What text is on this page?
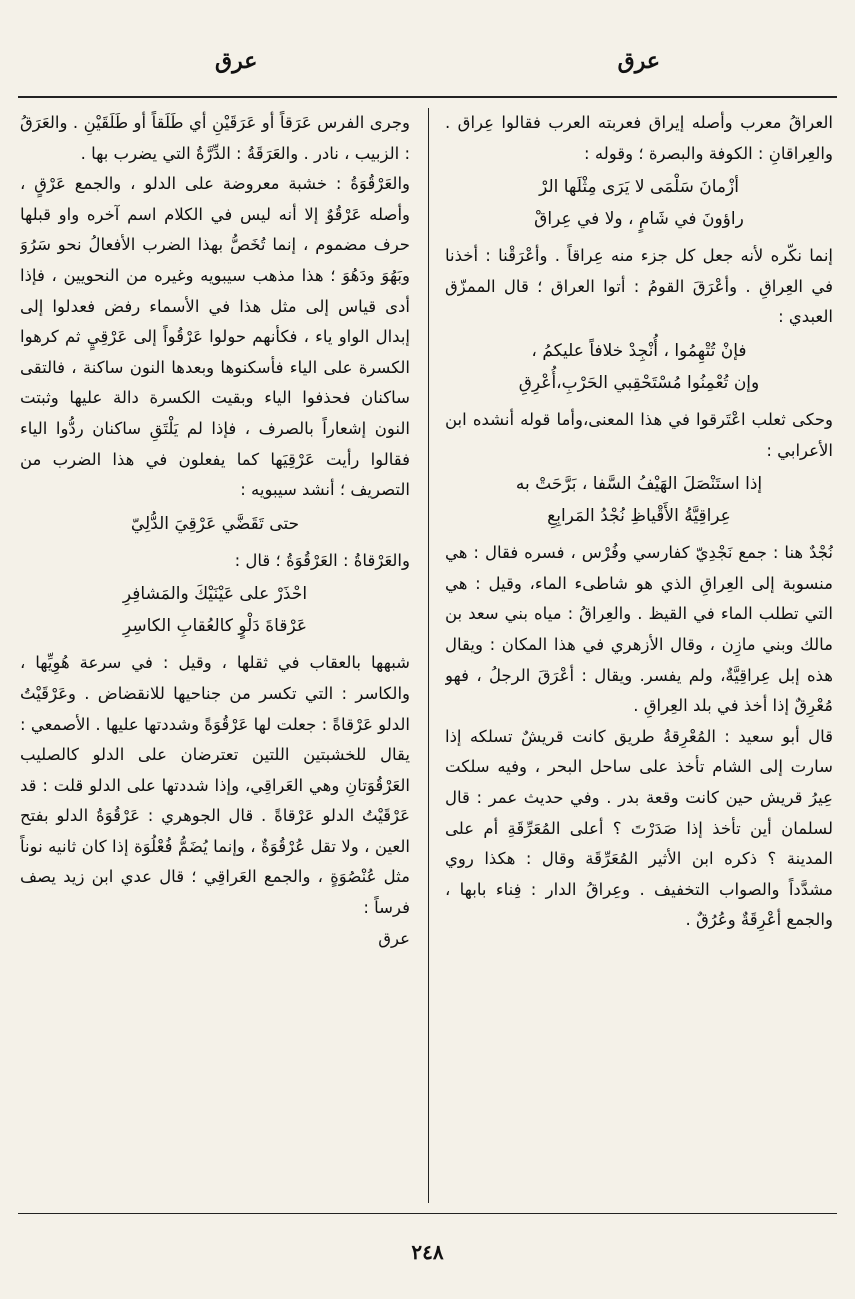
عرق
عرق

العراقُ معرب وأصله إيراق فعربته العرب فقالوا عِراق . والعِراقانِ : الكوفة والبصرة ؛ وقوله :

أزْمانَ سَلْمَى لا يَرَى مِثْلَها الرْ
راؤونَ في شَامٍ ، ولا في عِراقْ

إنما نكّره لأنه جعل كل جزء منه عِراقاً . وأعْرَقْنا : أخذنا في العِراقِ . وأعْرَقَ القومُ : أتوا العراق ؛ قال الممزّق العبدي :

فإنْ تُتْهِمُوا ، أُنْجِدْ خلافاً عليكمُ ،
وإن تُعْمِنُوا مُسْتَحْقِبي الحَرْبِ،أُعْرِقِ

وحكى ثعلب اعْتَرقوا في هذا المعنى،وأما قوله أنشده ابن الأعرابي :

إذا استَنْصَلَ الهَيْفُ السَّفا ، بَرَّحَتْ به
عِراقِيَّةُ الأَقْياظِ نُجْدُ المَرابِعِ

نُجْدٌ هنا : جمع نَجْدِيّ كفارسي وفُرْس ، فسره فقال : هي منسوبة إلى العِراقِ الذي هو شاطىء الماء، وقيل : هي التي تطلب الماء في القيظ . والعِراقُ : مياه بني سعد بن مالك وبني مازِن ، وقال الأزهري في هذا المكان : ويقال هذه إبل عِراقِيَّةٌ، ولم يفسر. ويقال : أعْرَقَ الرجلُ ، فهو مُعْرِقٌ إذا أخذ في بلد العِراقِ .

قال أبو سعيد : المُعْرِقةُ طريق كانت قريشٌ تسلكه إذا سارت إلى الشام تأخذ على ساحل البحر ، وفيه سلكت عِيرُ قريش حين كانت وقعة بدر . وفي حديث عمر : قال لسلمان أين تأخذ إذا صَدَرْتَ ؟ أعلى المُعَرِّقَةِ أم على المدينة ؟ ذكره ابن الأثير المُعَرِّقَة وقال : هكذا روي مشدَّداً والصواب التخفيف . وعِراقُ الدار : فِناء بابها ، والجمع أعْرِقَةٌ وعُرُقٌ .

وجرى الفرس عَرَقاً أو عَرَقَيْنِ أي طَلَقاً أو طَلَقَيْنِ . والعَرَقُ : الزبيب ، نادر . والعَرَقَةُ : الدِّرَّةُ التي يضرب بها .

والعَرْقُوَةُ : خشبة معروضة على الدلو ، والجمع عَرْقٍ ، وأصله عَرْقُوٌ إلا أنه ليس في الكلام اسم آخره واو قبلها حرف مضموم ، إنما تُخَصُّ بهذا الضرب الأفعالُ نحو سَرُوَ وبَهُوَ ودَهُوَ ؛ هذا مذهب سيبويه وغيره من النحويين ، فإذا أدى قياس إلى مثل هذا في الأسماء رفض فعدلوا إلى إبدال الواو ياء ، فكأنهم حولوا عَرْقُواً إلى عَرْقِيٍ ثم كرهوا الكسرة على الياء فأسكنوها وبعدها النون ساكنة ، فالتقى ساكنان فحذفوا الياء وبقيت الكسرة دالة عليها وثبتت النون إشعاراً بالصرف ، فإذا لم يَلْتَقِ ساكنان ردُّوا الياء فقالوا رأيت عَرْقِيَها كما يفعلون في هذا الضرب من التصريف ؛ أنشد سيبويه :

حتى تَقَضَّي عَرْقِيَ الدُّلِيّ

والعَرْقاةُ : العَرْقُوَةُ ؛ قال :

احْذَرْ على عَيْنَيْكَ والمَشافِرِ
عَرْقاةَ دَلْوٍ كالعُقابِ الكاسِرِ

شبهها بالعقاب في ثقلها ، وقيل : في سرعة هُوِيِّها ، والكاسر : التي تكسر من جناحيها للانقضاض . وعَرْقَيْتُ الدلو عَرْقاةً : جعلت لها عَرْقُوَةً وشددتها عليها . الأصمعي : يقال للخشبتين اللتين تعترضان على الدلو كالصليب العَرْقُوَتانِ وهي العَراقِي، وإذا شددتها على الدلو قلت : قد عَرْقَيْتُ الدلو عَرْقاةً . قال الجوهري : عَرْقُوَةُ الدلو بفتح العين ، ولا تقل عُرْقُوَةٌ ، وإنما يُضَمُّ فُعْلُوَة إذا كان ثانيه نوناً مثل عُنْصُوَةٍ ، والجمع العَراقِي ؛ قال عدي ابن زيد يصف فرساً :

عرق

٢٤٨
